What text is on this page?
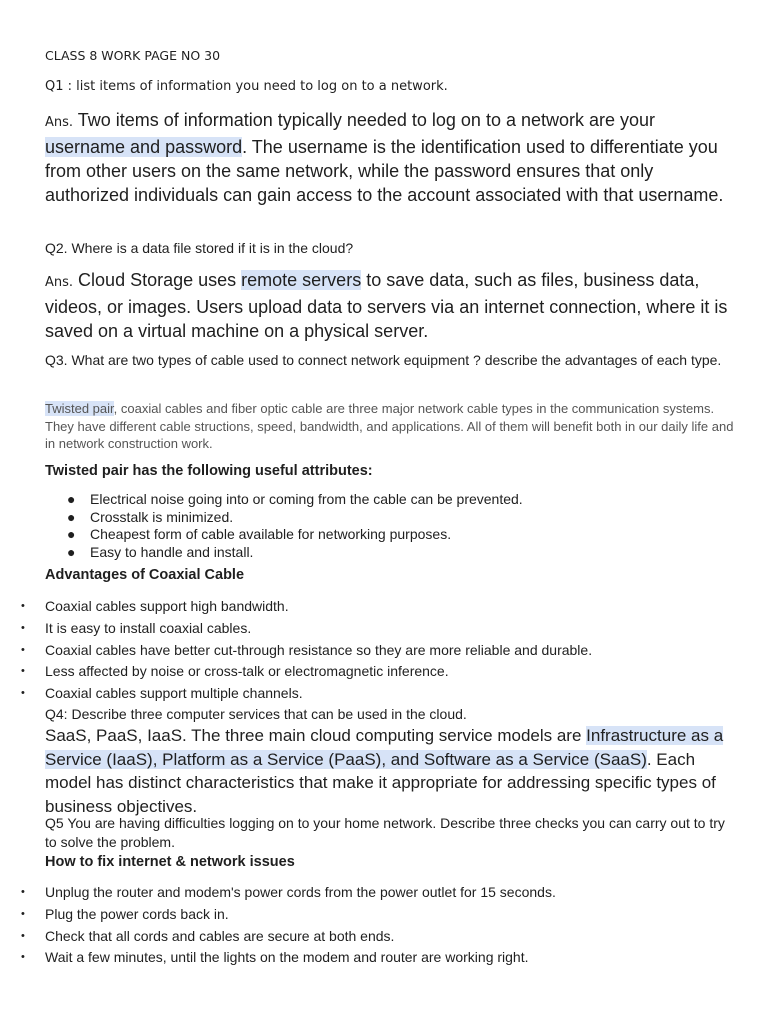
CLASS 8 WORK PAGE NO 30
Q1 : list items of information you need to log on to a network.

Ans. Two items of information typically needed to log on to a network are your username and password. The username is the identification used to differentiate you from other users on the same network, while the password ensures that only authorized individuals can gain access to the account associated with that username.

Q2. Where is a data file stored if it is in the cloud?

Ans. Cloud Storage uses remote servers to save data, such as files, business data, videos, or images. Users upload data to servers via an internet connection, where it is saved on a virtual machine on a physical server.

Q3. What are two types of cable used to connect network equipment ? describe the advantages of each type.

Twisted pair, coaxial cables and fiber optic cable are three major network cable types in the communication systems. They have different cable structions, speed, bandwidth, and applications. All of them will benefit both in our daily life and in network construction work.

Twisted pair has the following useful attributes:
● Electrical noise going into or coming from the cable can be prevented.
● Crosstalk is minimized.
● Cheapest form of cable available for networking purposes.
● Easy to handle and install.
Advantages of Coaxial Cable
• Coaxial cables support high bandwidth.
• It is easy to install coaxial cables.
• Coaxial cables have better cut-through resistance so they are more reliable and durable.
• Less affected by noise or cross-talk or electromagnetic inference.
• Coaxial cables support multiple channels.
Q4: Describe three computer services that can be used in the cloud.

SaaS, PaaS, IaaS. The three main cloud computing service models are Infrastructure as a Service (IaaS), Platform as a Service (PaaS), and Software as a Service (SaaS). Each model has distinct characteristics that make it appropriate for addressing specific types of business objectives.

Q5 You are having difficulties logging on to your home network. Describe three checks you can carry out to try to solve the problem.
How to fix internet & network issues
• Unplug the router and modem's power cords from the power outlet for 15 seconds.
• Plug the power cords back in.
• Check that all cords and cables are secure at both ends.
• Wait a few minutes, until the lights on the modem and router are working right.
